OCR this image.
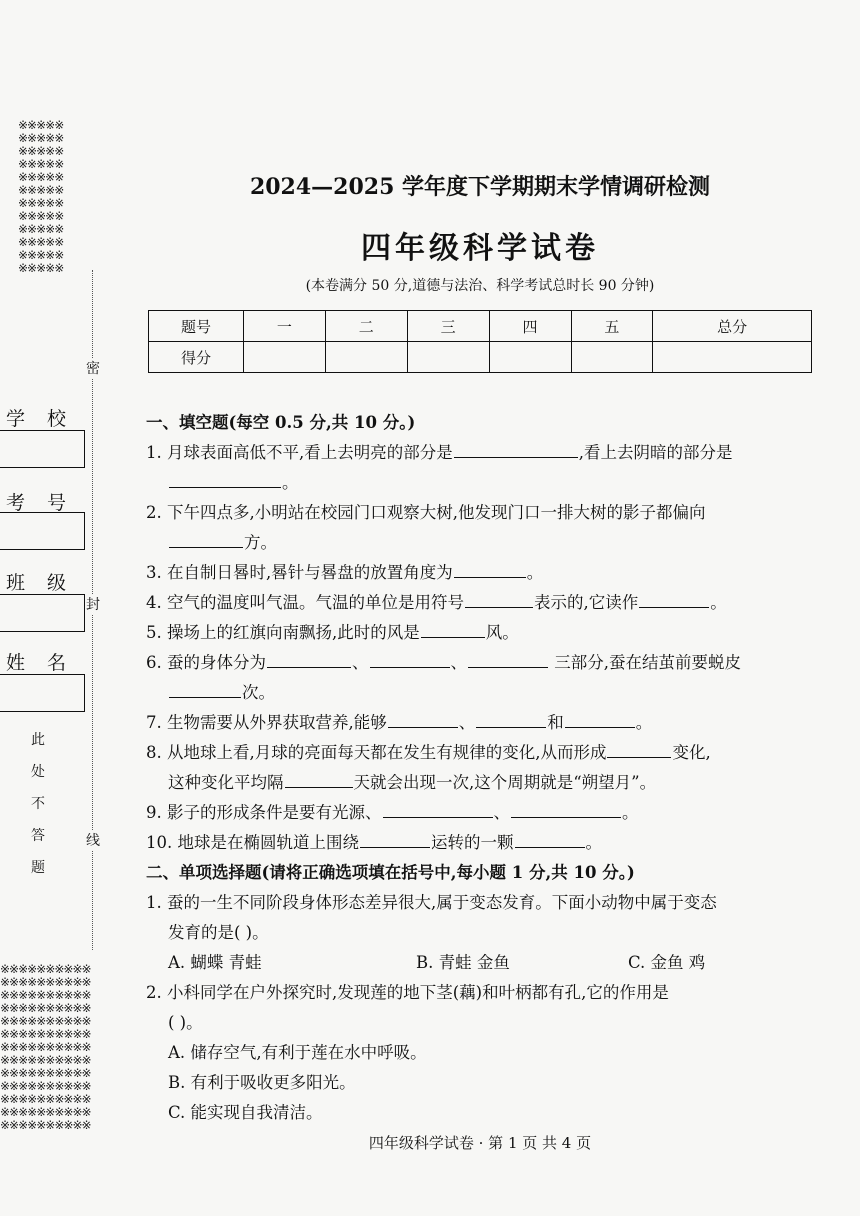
※※※※※
※※※※※
※※※※※
※※※※※
※※※※※
※※※※※
※※※※※
※※※※※
※※※※※
※※※※※
※※※※※
※※※※※

密
封
线
学 校
考 号
班 级
姓 名
此
处
不
答
题

※※※※※※※※※※
※※※※※※※※※※
※※※※※※※※※※
※※※※※※※※※※
※※※※※※※※※※
※※※※※※※※※※
※※※※※※※※※※
※※※※※※※※※※
※※※※※※※※※※
※※※※※※※※※※
※※※※※※※※※※
※※※※※※※※※※
※※※※※※※※※※

2024—2025 学年度下学期期末学情调研检测
四年级科学试卷
(本卷满分 50 分,道德与法治、科学考试总时长 90 分钟)
题号	一	二	三	四	五	总分
得分						
一、填空题(每空 0.5 分,共 10 分。)
1. 月球表面高低不平,看上去明亮的部分是	,看上去阴暗的部分是
。
2. 下午四点多,小明站在校园门口观察大树,他发现门口一排大树的影子都偏向
方。
3. 在自制日晷时,晷针与晷盘的放置角度为	。
4. 空气的温度叫气温。气温的单位是用符号	表示的,它读作	。
5. 操场上的红旗向南飘扬,此时的风是	风。
6. 蚕的身体分为	、	、	三部分,蚕在结茧前要蜕皮
次。
7. 生物需要从外界获取营养,能够	、	和	。
8. 从地球上看,月球的亮面每天都在发生有规律的变化,从而形成	变化,
这种变化平均隔	天就会出现一次,这个周期就是“朔望月”。
9. 影子的形成条件是要有光源、	、	。
10. 地球是在椭圆轨道上围绕	运转的一颗	。
二、单项选择题(请将正确选项填在括号中,每小题 1 分,共 10 分。)
1. 蚕的一生不同阶段身体形态差异很大,属于变态发育。下面小动物中属于变态
发育的是( )。
A. 蝴蝶 青蛙	B. 青蛙 金鱼	C. 金鱼 鸡
2. 小科同学在户外探究时,发现莲的地下茎(藕)和叶柄都有孔,它的作用是
( )。
A. 储存空气,有利于莲在水中呼吸。
B. 有利于吸收更多阳光。
C. 能实现自我清洁。
四年级科学试卷 · 第 1 页 共 4 页
